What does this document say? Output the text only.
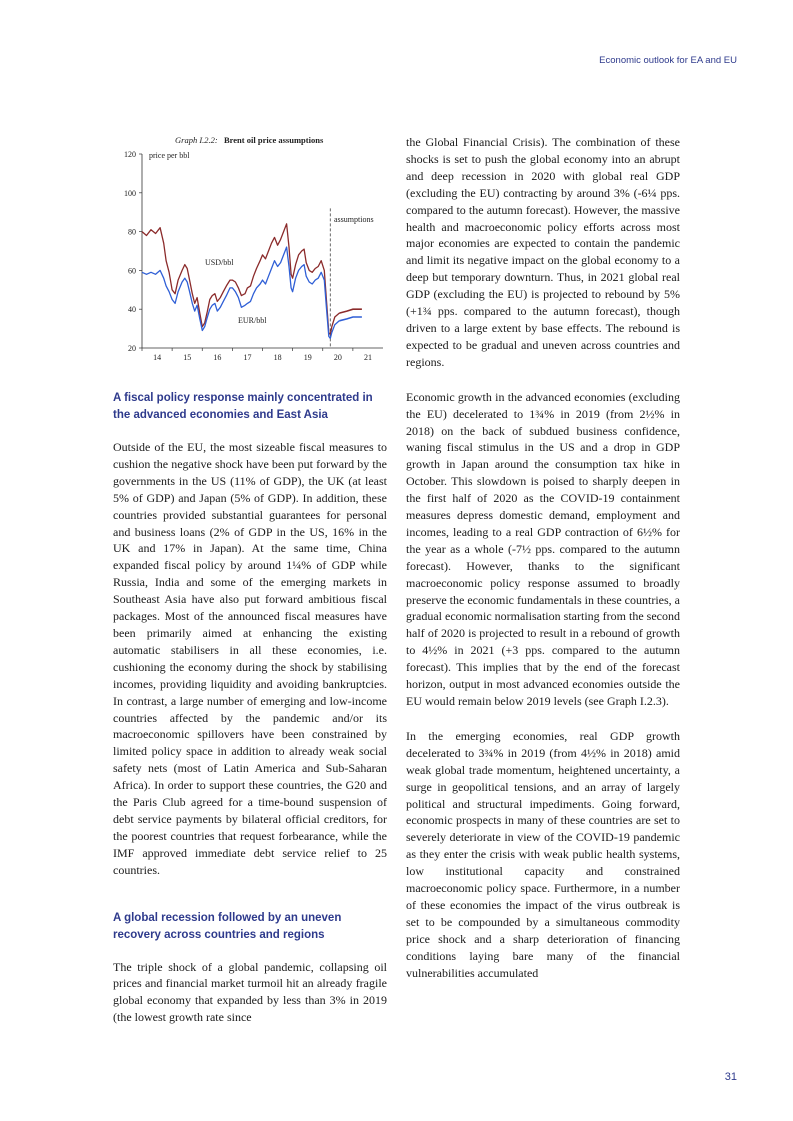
Economic outlook for EA and EU
Graph I.2.2: Brent oil price assumptions
price per bbl
20
40
60
80
100
120
14	15	16	17	18	19	20	21
USD/bbl
EUR/bbl
assumptions
A fiscal policy response mainly concentrated in the advanced economies and East Asia

Outside of the EU, the most sizeable fiscal measures to cushion the negative shock have been put forward by the governments in the US (11% of GDP), the UK (at least 5% of GDP) and Japan (5% of GDP). In addition, these countries provided substantial guarantees for personal and business loans (2% of GDP in the US, 16% in the UK and 17% in Japan). At the same time, China expanded fiscal policy by around 1¼% of GDP while Russia, India and some of the emerging markets in Southeast Asia have also put forward ambitious fiscal packages. Most of the announced fiscal measures have been primarily aimed at enhancing the existing automatic stabilisers in all these economies, i.e. cushioning the economy during the shock by stabilising incomes, providing liquidity and avoiding bankruptcies. In contrast, a large number of emerging and low-income countries affected by the pandemic and/or its macroeconomic spillovers have been constrained by limited policy space in addition to already weak social safety nets (most of Latin America and Sub-Saharan Africa). In order to support these countries, the G20 and the Paris Club agreed for a time-bound suspension of debt service payments by bilateral official creditors, for the poorest countries that request forbearance, while the IMF approved immediate debt service relief to 25 countries.

A global recession followed by an uneven recovery across countries and regions

The triple shock of a global pandemic, collapsing oil prices and financial market turmoil hit an already fragile global economy that expanded by less than 3% in 2019 (the lowest growth rate since

the Global Financial Crisis). The combination of these shocks is set to push the global economy into an abrupt and deep recession in 2020 with global real GDP (excluding the EU) contracting by around 3% (-6¼ pps. compared to the autumn forecast). However, the massive health and macroeconomic policy efforts across most major economies are expected to contain the pandemic and limit its negative impact on the global economy to a deep but temporary downturn. Thus, in 2021 global real GDP (excluding the EU) is projected to rebound by 5% (+1¾ pps. compared to the autumn forecast), though driven to a large extent by base effects. The rebound is expected to be gradual and uneven across countries and regions.

Economic growth in the advanced economies (excluding the EU) decelerated to 1¾% in 2019 (from 2½% in 2018) on the back of subdued business confidence, waning fiscal stimulus in the US and a drop in GDP growth in Japan around the consumption tax hike in October. This slowdown is poised to sharply deepen in the first half of 2020 as the COVID-19 containment measures depress domestic demand, employment and incomes, leading to a real GDP contraction of 6½% for the year as a whole (-7½ pps. compared to the autumn forecast). However, thanks to the significant macroeconomic policy response assumed to broadly preserve the economic fundamentals in these countries, a gradual economic normalisation starting from the second half of 2020 is projected to result in a rebound of growth to 4½% in 2021 (+3 pps. compared to the autumn forecast). This implies that by the end of the forecast horizon, output in most advanced economies outside the EU would remain below 2019 levels (see Graph I.2.3).

In the emerging economies, real GDP growth decelerated to 3¾% in 2019 (from 4½% in 2018) amid weak global trade momentum, heightened uncertainty, a surge in geopolitical tensions, and an array of largely political and structural impediments. Going forward, economic prospects in many of these countries are set to severely deteriorate in view of the COVID-19 pandemic as they enter the crisis with weak public health systems, low institutional capacity and constrained macroeconomic policy space. Furthermore, in a number of these economies the impact of the virus outbreak is set to be compounded by a simultaneous commodity price shock and a sharp deterioration of financing conditions laying bare many of the financial vulnerabilities accumulated

31
